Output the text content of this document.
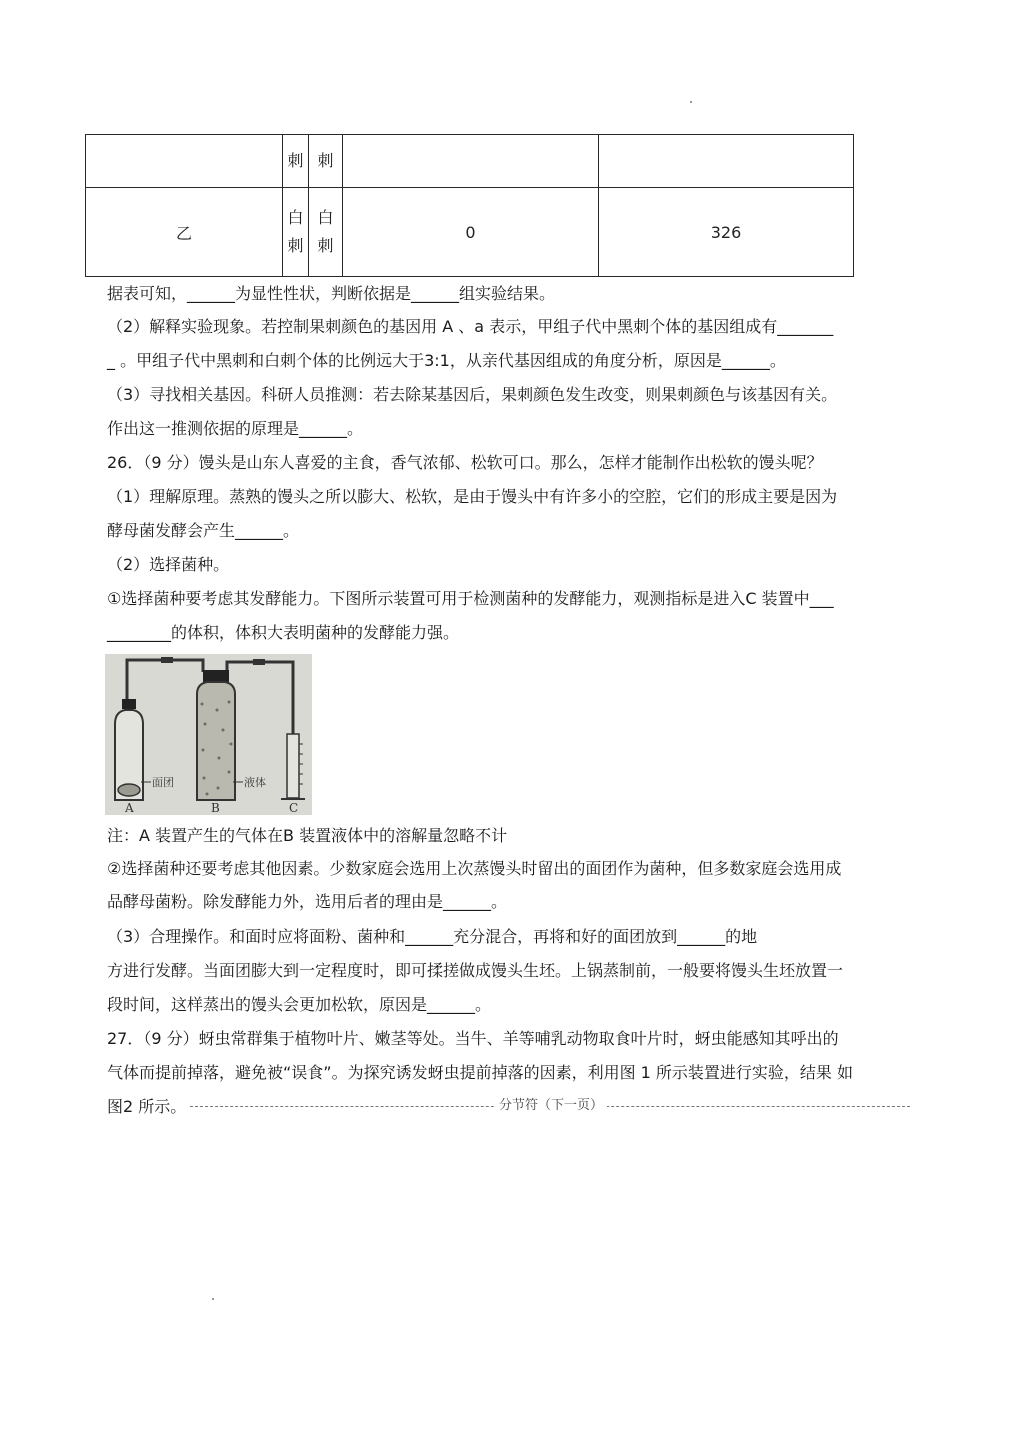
	刺	刺		
乙	白刺	白刺	0	326

据表可知，______为显性性状，判断依据是______组实验结果。

（2）解释实验现象。若控制果刺颜色的基因用 A 、a 表示，甲组子代中黑刺个体的基因组成有_______

_ 。甲组子代中黑刺和白刺个体的比例远大于3:1，从亲代基因组成的角度分析，原因是______。

（3）寻找相关基因。科研人员推测：若去除某基因后，果刺颜色发生改变，则果刺颜色与该基因有关。

作出这一推测依据的原理是______。

26．（9 分）馒头是山东人喜爱的主食，香气浓郁、松软可口。那么，怎样才能制作出松软的馒头呢？

（1）理解原理。蒸熟的馒头之所以膨大、松软，是由于馒头中有许多小的空腔，它们的形成主要是因为

酵母菌发酵会产生______。

（2）选择菌种。

①选择菌种要考虑其发酵能力。下图所示装置可用于检测菌种的发酵能力，观测指标是进入C 装置中___

________的体积，体积大表明菌种的发酵能力强。

A	B	C
面团	液体

注：A 装置产生的气体在B 装置液体中的溶解量忽略不计

②选择菌种还要考虑其他因素。少数家庭会选用上次蒸馒头时留出的面团作为菌种，但多数家庭会选用成

品酵母菌粉。除发酵能力外，选用后者的理由是______。

（3）合理操作。和面时应将面粉、菌种和______充分混合，再将和好的面团放到______的地

方进行发酵。当面团膨大到一定程度时，即可揉搓做成馒头生坯。上锅蒸制前，一般要将馒头生坯放置一

段时间，这样蒸出的馒头会更加松软，原因是______。

27．（9 分）蚜虫常群集于植物叶片、嫩茎等处。当牛、羊等哺乳动物取食叶片时，蚜虫能感知其呼出的

气体而提前掉落，避免被“误食”。为探究诱发蚜虫提前掉落的因素，利用图 1 所示装置进行实验，结果 如

图2 所示。	分节符（下一页）
